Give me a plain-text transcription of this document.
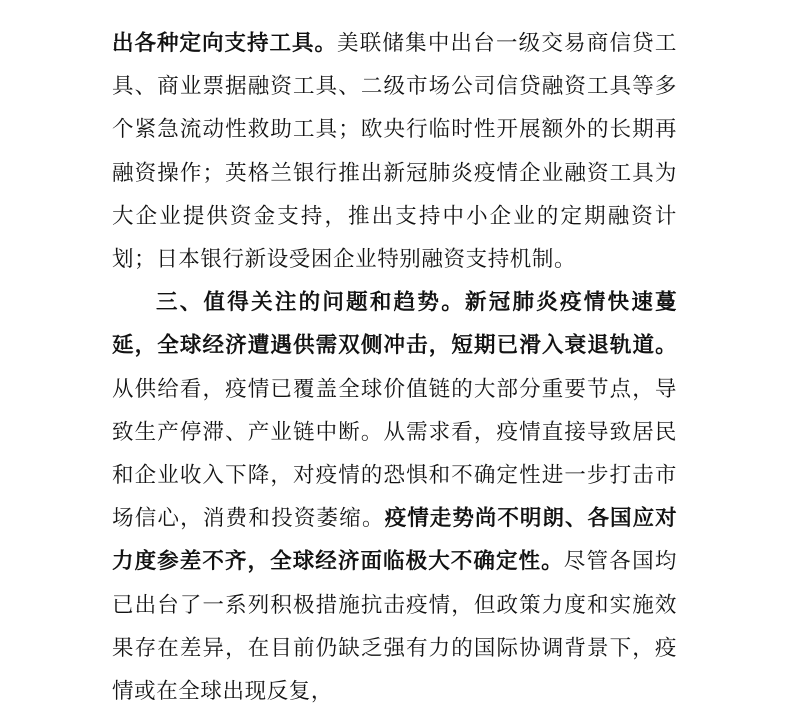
出各种定向支持工具。美联储集中出台一级交易商信贷工具、商业票据融资工具、二级市场公司信贷融资工具等多个紧急流动性救助工具；欧央行临时性开展额外的长期再融资操作；英格兰银行推出新冠肺炎疫情企业融资工具为大企业提供资金支持，推出支持中小企业的定期融资计划；日本银行新设受困企业特别融资支持机制。

三、值得关注的问题和趋势。新冠肺炎疫情快速蔓延，全球经济遭遇供需双侧冲击，短期已滑入衰退轨道。从供给看，疫情已覆盖全球价值链的大部分重要节点，导致生产停滞、产业链中断。从需求看，疫情直接导致居民和企业收入下降，对疫情的恐惧和不确定性进一步打击市场信心，消费和投资萎缩。疫情走势尚不明朗、各国应对力度参差不齐，全球经济面临极大不确定性。尽管各国均已出台了一系列积极措施抗击疫情，但政策力度和实施效果存在差异，在目前仍缺乏强有力的国际协调背景下，疫情或在全球出现反复，
